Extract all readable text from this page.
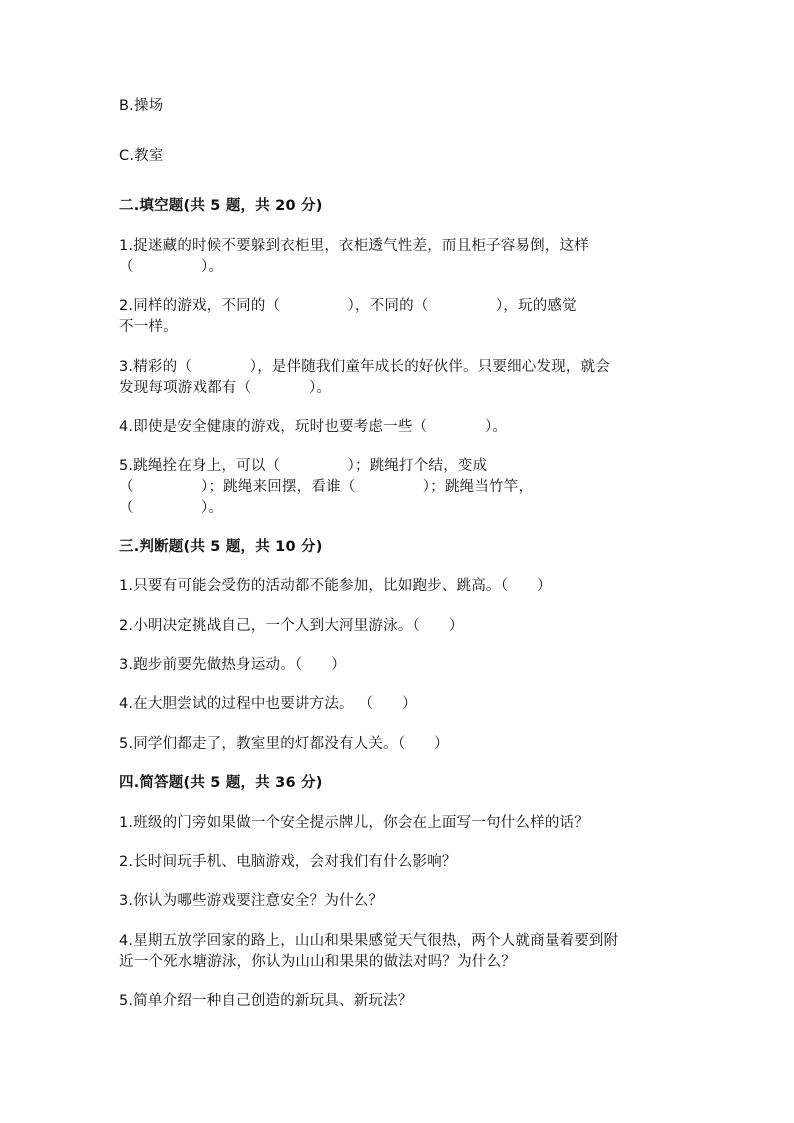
B.操场
C.教室
二.填空题(共 5 题，共 20 分)
1.捉迷藏的时候不要躲到衣柜里，衣柜透气性差，而且柜子容易倒，这样
（              ）。
2.同样的游戏，不同的（              ），不同的（              ），玩的感觉
不一样。
3.精彩的（            ），是伴随我们童年成长的好伙伴。只要细心发现，就会
发现每项游戏都有（            ）。
4.即使是安全健康的游戏，玩时也要考虑一些（            ）。
5.跳绳拴在身上，可以（              ）；跳绳打个结，变成
（              ）；跳绳来回摆，看谁（              ）；跳绳当竹竿，
（              ）。
三.判断题(共 5 题，共 10 分)
1.只要有可能会受伤的活动都不能参加，比如跑步、跳高。（      ）
2.小明决定挑战自己，一个人到大河里游泳。（      ）
3.跑步前要先做热身运动。（      ）
4.在大胆尝试的过程中也要讲方法。 （      ）
5.同学们都走了，教室里的灯都没有人关。（      ）
四.简答题(共 5 题，共 36 分)
1.班级的门旁如果做一个安全提示牌儿，你会在上面写一句什么样的话？
2.长时间玩手机、电脑游戏，会对我们有什么影响？
3.你认为哪些游戏要注意安全？为什么？
4.星期五放学回家的路上，山山和果果感觉天气很热，两个人就商量着要到附
近一个死水塘游泳，你认为山山和果果的做法对吗？为什么？
5.简单介绍一种自己创造的新玩具、新玩法？
